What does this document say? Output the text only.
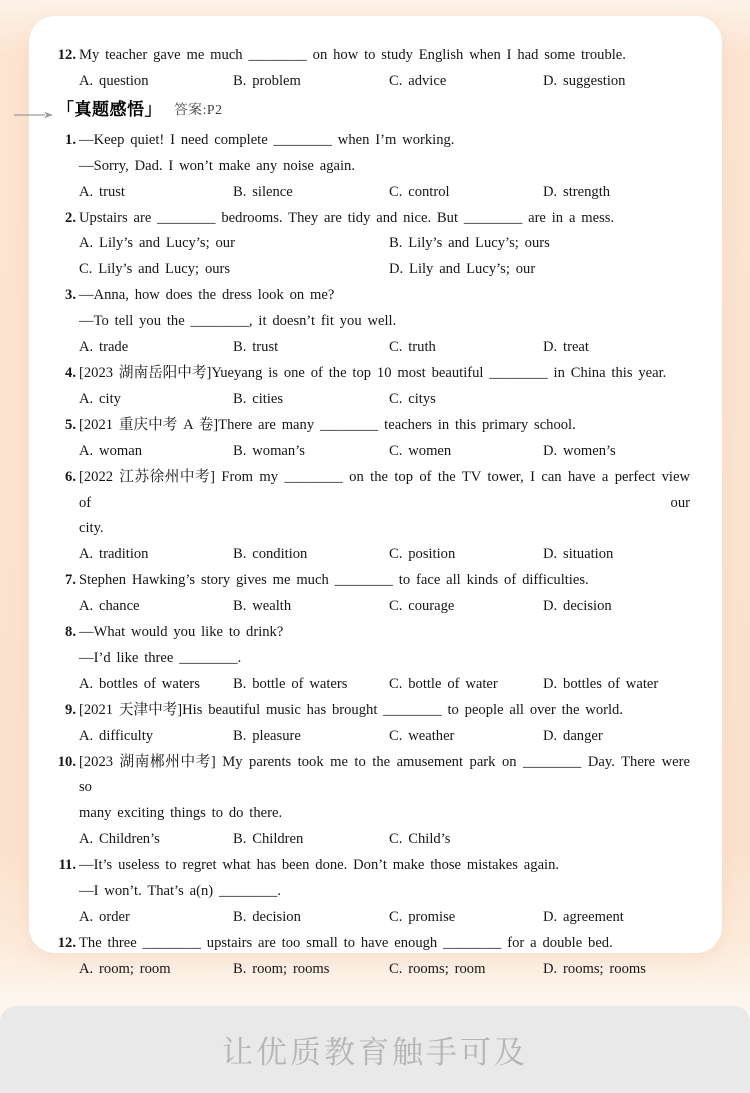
12. My teacher gave me much ________ on how to study English when I had some trouble.
A. question	B. problem	C. advice	D. suggestion
「真题感悟」 答案:P2
1. —Keep quiet! I need complete ________ when I’m working.
—Sorry, Dad. I won’t make any noise again.
A. trust	B. silence	C. control	D. strength
2. Upstairs are ________ bedrooms. They are tidy and nice. But ________ are in a mess.
A. Lily’s and Lucy’s; our	B. Lily’s and Lucy’s; ours
C. Lily’s and Lucy; ours	D. Lily and Lucy’s; our
3. —Anna, how does the dress look on me?
—To tell you the ________, it doesn’t fit you well.
A. trade	B. trust	C. truth	D. treat
4. [2023 湖南岳阳中考]Yueyang is one of the top 10 most beautiful ________ in China this year.
A. city	B. cities	C. citys
5. [2021 重庆中考 A 卷]There are many ________ teachers in this primary school.
A. woman	B. woman’s	C. women	D. women’s
6. [2022 江苏徐州中考] From my ________ on the top of the TV tower, I can have a perfect view of our
city.
A. tradition	B. condition	C. position	D. situation
7. Stephen Hawking’s story gives me much ________ to face all kinds of difficulties.
A. chance	B. wealth	C. courage	D. decision
8. —What would you like to drink?
—I’d like three ________.
A. bottles of waters	B. bottle of waters	C. bottle of water	D. bottles of water
9. [2021 天津中考]His beautiful music has brought ________ to people all over the world.
A. difficulty	B. pleasure	C. weather	D. danger
10. [2023 湖南郴州中考] My parents took me to the amusement park on ________ Day. There were so
many exciting things to do there.
A. Children’s	B. Children	C. Child’s
11. —It’s useless to regret what has been done. Don’t make those mistakes again.
—I won’t. That’s a(n) ________.
A. order	B. decision	C. promise	D. agreement
12. The three ________ upstairs are too small to have enough ________ for a double bed.
A. room; room	B. room; rooms	C. rooms; room	D. rooms; rooms
让优质教育触手可及
